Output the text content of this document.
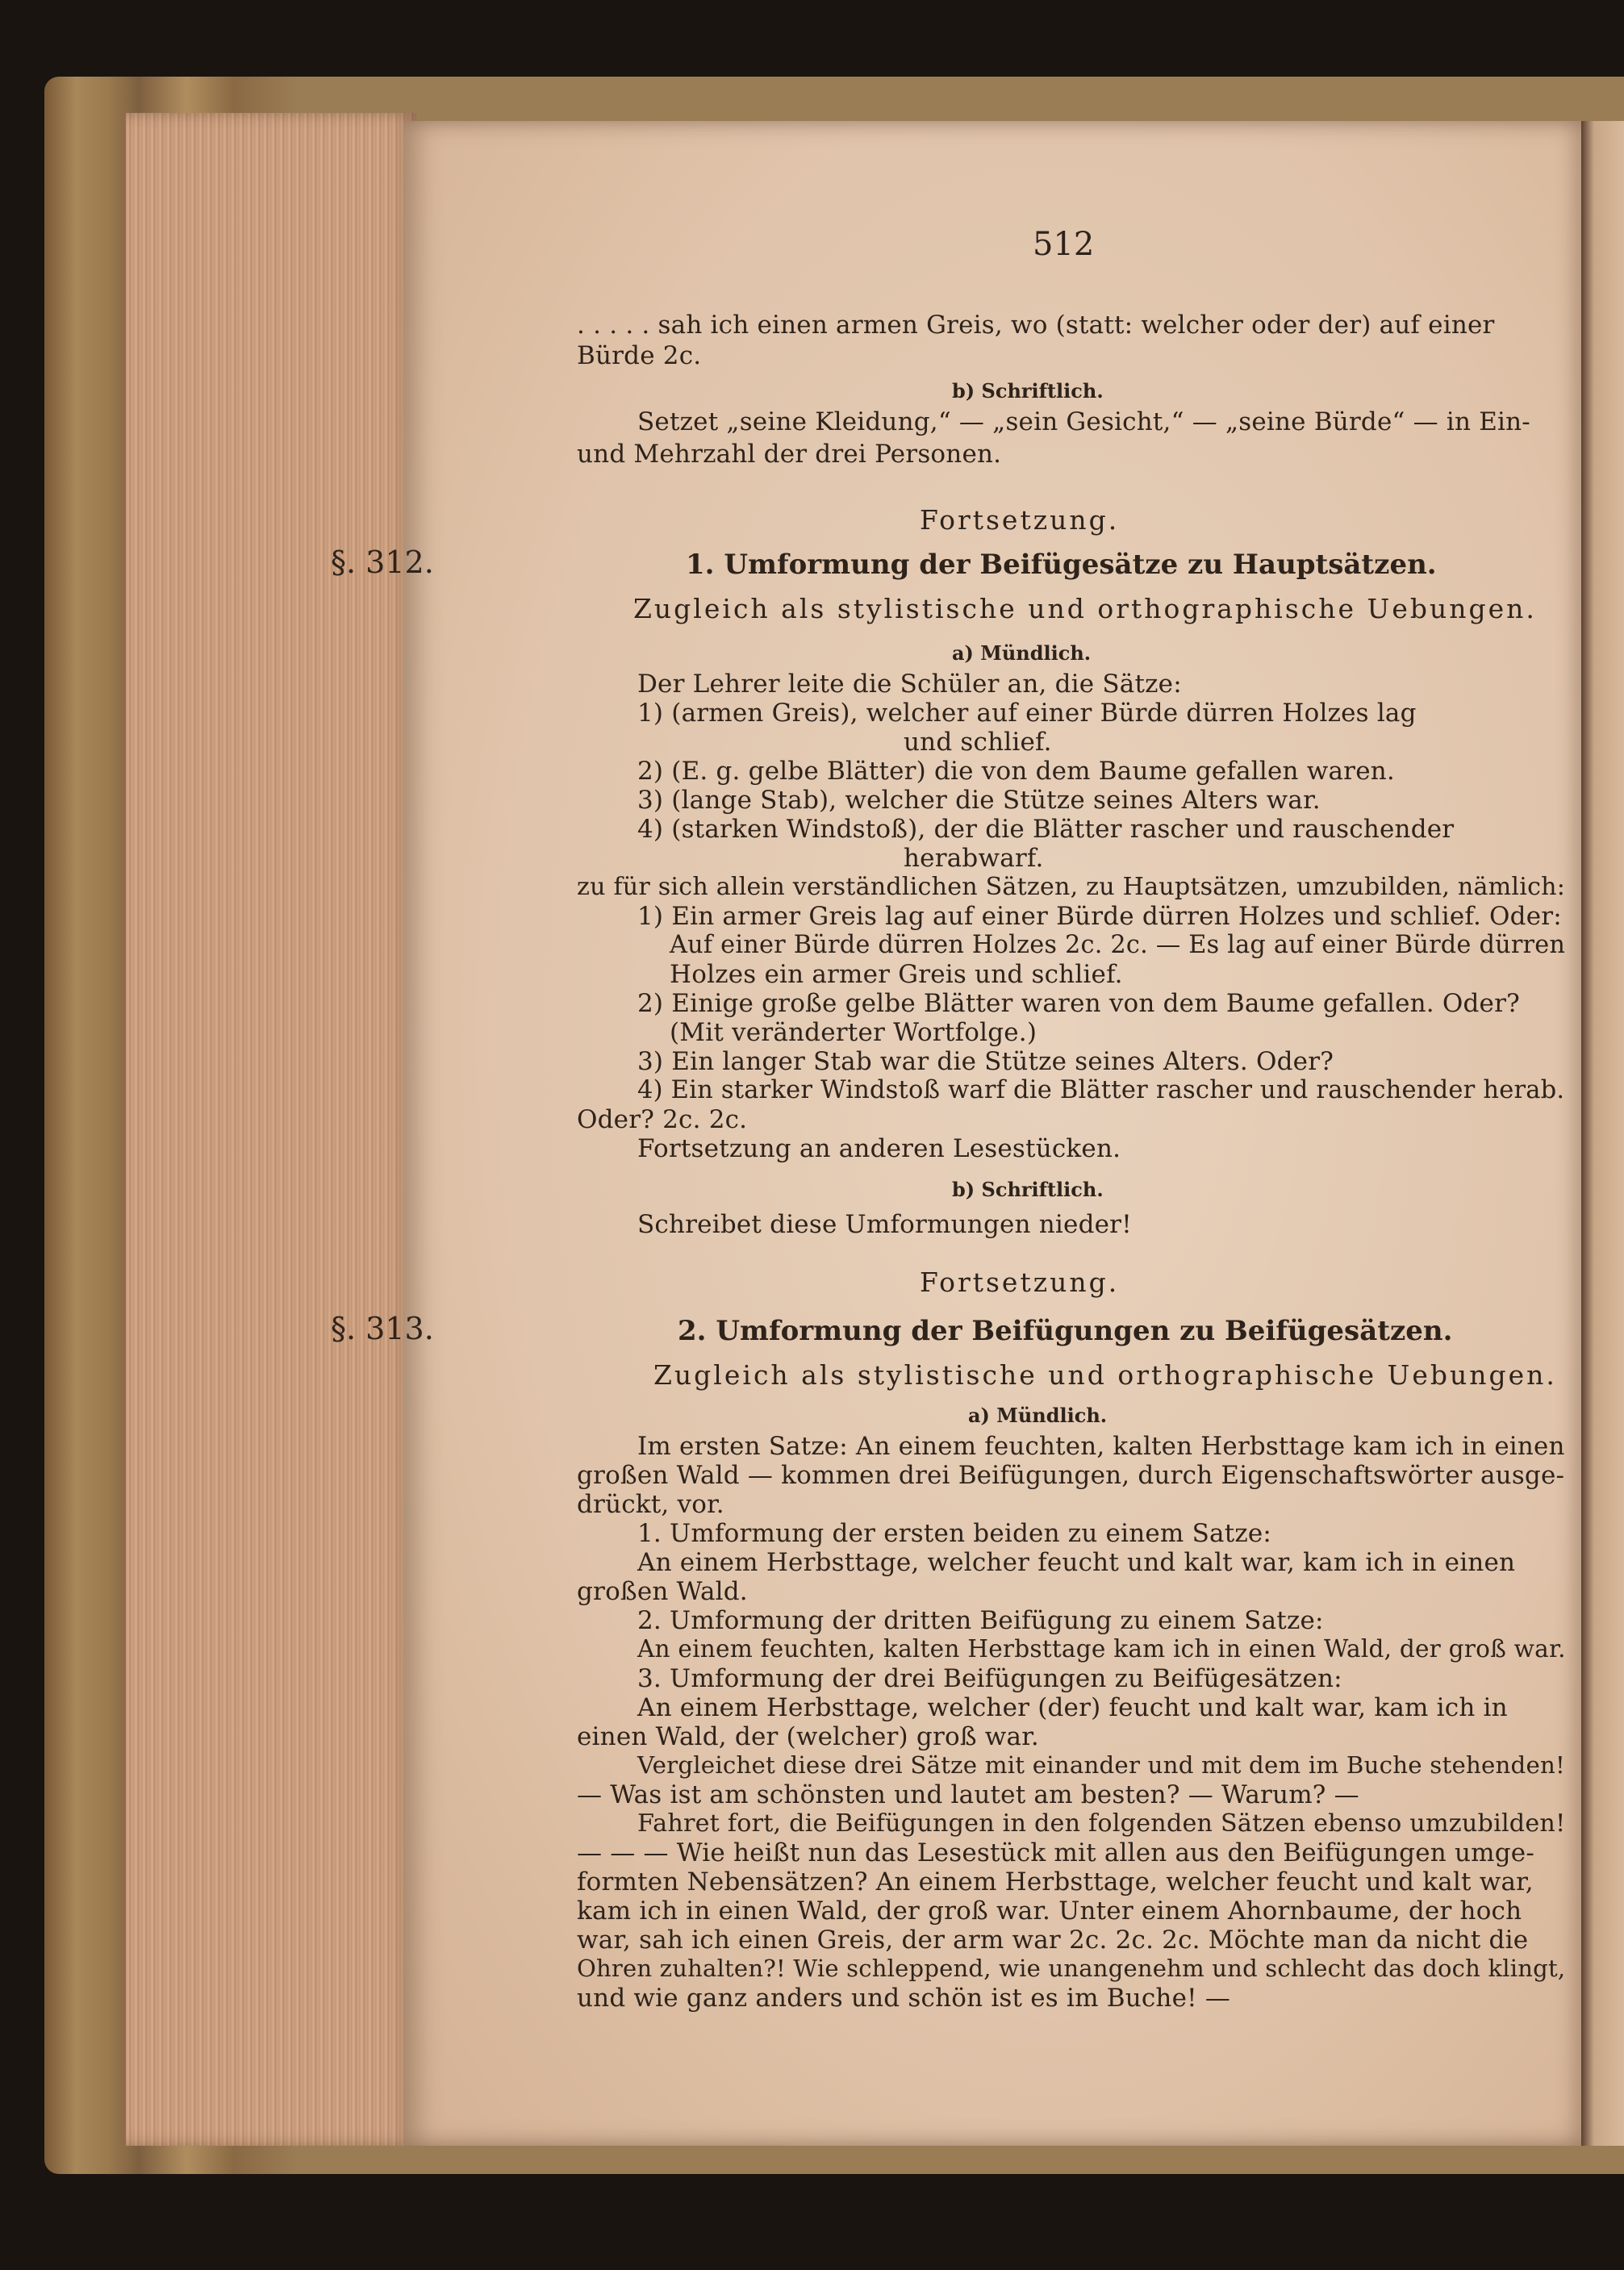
512
. . . . . sah ich einen armen Greis, wo (statt: welcher oder der) auf einer
Bürde 2c.
b) Schriftlich.
Setzet „seine Kleidung,“ — „sein Gesicht,“ — „seine Bürde“ — in Ein-
und Mehrzahl der drei Personen.
Fortsetzung.
§. 312.	1. Umformung der Beifügesätze zu Hauptsätzen.
Zugleich als stylistische und orthographische Uebungen.
a) Mündlich.
Der Lehrer leite die Schüler an, die Sätze:
1) (armen Greis), welcher auf einer Bürde dürren Holzes lag
und schlief.
2) (E. g. gelbe Blätter) die von dem Baume gefallen waren.
3) (lange Stab), welcher die Stütze seines Alters war.
4) (starken Windstoß), der die Blätter rascher und rauschender
herabwarf.
zu für sich allein verständlichen Sätzen, zu Hauptsätzen, umzubilden, nämlich:
1) Ein armer Greis lag auf einer Bürde dürren Holzes und schlief. Oder:
Auf einer Bürde dürren Holzes 2c. 2c. — Es lag auf einer Bürde dürren
Holzes ein armer Greis und schlief.
2) Einige große gelbe Blätter waren von dem Baume gefallen. Oder?
(Mit veränderter Wortfolge.)
3) Ein langer Stab war die Stütze seines Alters. Oder?
4) Ein starker Windstoß warf die Blätter rascher und rauschender herab.
Oder? 2c. 2c.
Fortsetzung an anderen Lesestücken.
b) Schriftlich.
Schreibet diese Umformungen nieder!
Fortsetzung.
§. 313.	2. Umformung der Beifügungen zu Beifügesätzen.
Zugleich als stylistische und orthographische Uebungen.
a) Mündlich.
Im ersten Satze: An einem feuchten, kalten Herbsttage kam ich in einen
großen Wald — kommen drei Beifügungen, durch Eigenschaftswörter ausge-
drückt, vor.
1. Umformung der ersten beiden zu einem Satze:
An einem Herbsttage, welcher feucht und kalt war, kam ich in einen
großen Wald.
2. Umformung der dritten Beifügung zu einem Satze:
An einem feuchten, kalten Herbsttage kam ich in einen Wald, der groß war.
3. Umformung der drei Beifügungen zu Beifügesätzen:
An einem Herbsttage, welcher (der) feucht und kalt war, kam ich in
einen Wald, der (welcher) groß war.
Vergleichet diese drei Sätze mit einander und mit dem im Buche stehenden!
— Was ist am schönsten und lautet am besten? — Warum? —
Fahret fort, die Beifügungen in den folgenden Sätzen ebenso umzubilden!
— — — Wie heißt nun das Lesestück mit allen aus den Beifügungen umge-
formten Nebensätzen? An einem Herbsttage, welcher feucht und kalt war,
kam ich in einen Wald, der groß war. Unter einem Ahornbaume, der hoch
war, sah ich einen Greis, der arm war 2c. 2c. 2c. Möchte man da nicht die
Ohren zuhalten?! Wie schleppend, wie unangenehm und schlecht das doch klingt,
und wie ganz anders und schön ist es im Buche! —
